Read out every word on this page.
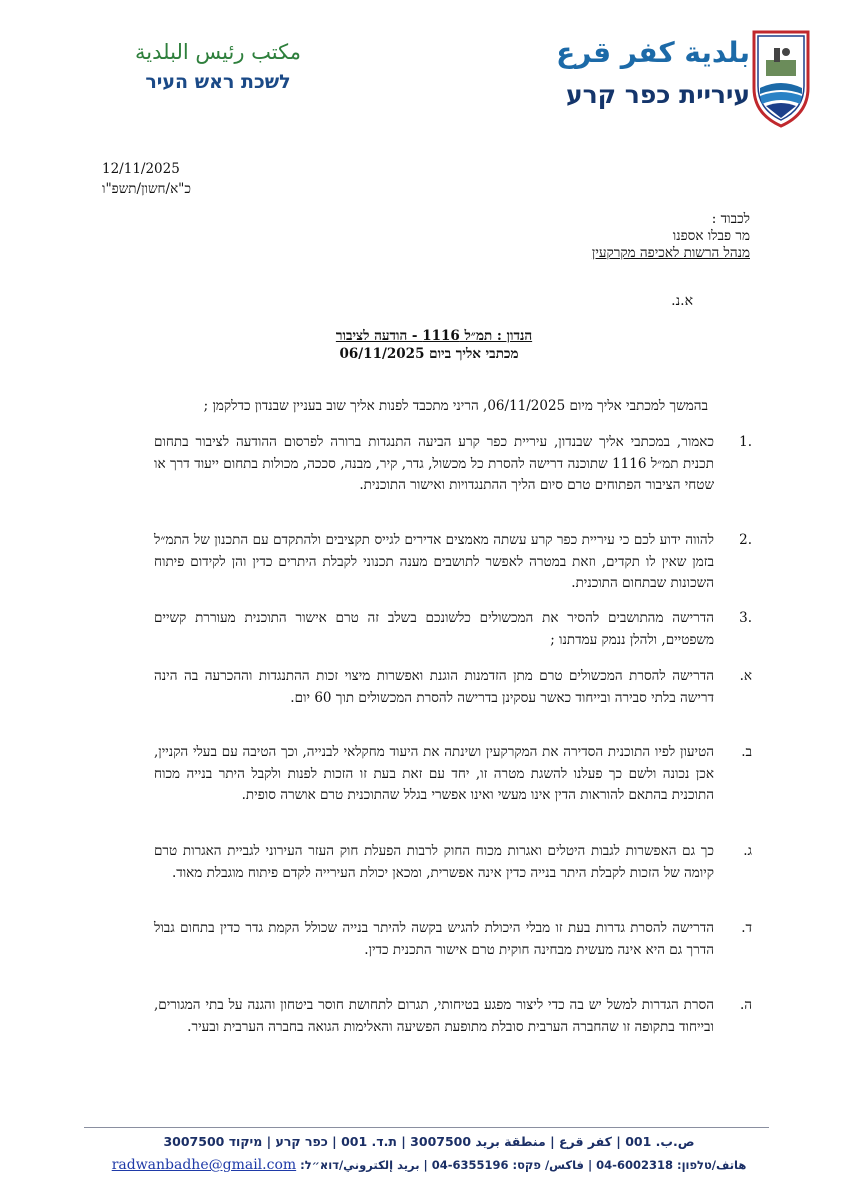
بلدية كفر قرع
עיריית כפר קרע
مكتب رئيس البلدية
לשכת ראש העיר
12/11/2025
כ"א/חשון/תשפ"ו
לכבוד :
מר פבלו אספנו
מנהל הרשות לאכיפה מקרקעין
א.נ.
הנדון : תמ״ל 1116 - הודעה לציבור
מכתבי אליך ביום 06/11/2025
בהמשך למכתבי אליך מיום 06/11/2025, הריני מתכבד לפנות אליך שוב בעניין שבנדון כדלקמן ;
.1
כאמור, במכתבי אליך שבנדון, עיריית כפר קרע הביעה התנגדות ברורה לפרסום ההודעה לציבור בתחום תכנית תמ״ל 1116 שתוכנה דרישה להסרת כל מכשול, גדר, קיר, מבנה, סככה, מכולות בתחום ייעוד דרך או שטחי הציבור הפתוחים טרם סיום הליך ההתנגדויות ואישור התוכנית.
.2
להווה ידוע לכם כי עיריית כפר קרע עשתה מאמצים אדירים לגייס תקציבים ולהתקדם עם התכנון של התמ״ל בזמן שאין לו תקדים, וזאת במטרה לאפשר לתושבים מענה תכנוני לקבלת היתרים כדין והן לקידום פיתוח השכונות שבתחום התוכנית.
.3
הדרישה מהתושבים להסיר את המכשולים כלשונכם בשלב זה טרם אישור התוכנית מעוררת קשיים משפטיים, ולהלן ננמק עמדתנו ;
א.
הדרישה להסרת המכשולים טרם מתן הזדמנות הוגנת ואפשרות מיצוי זכות ההתנגדות וההכרעה בה הינה דרישה בלתי סבירה ובייחוד כאשר עסקינן בדרישה להסרת המכשולים תוך 60 יום.
ב.
הטיעון לפיו התוכנית הסדירה את המקרקעין ושינתה את היעוד מחקלאי לבנייה, וכך הטיבה עם בעלי הקניין, אכן נכונה ולשם כך פעלנו להשגת מטרה זו, יחד עם זאת בעת זו הזכות לפנות ולקבל היתר בנייה מכוח התוכנית בהתאם להוראות הדין אינו מעשי ואינו אפשרי בגלל שהתוכנית טרם אושרה סופית.
ג.
כך גם האפשרות לגבות היטלים ואגרות מכוח החוק לרבות הפעלת חוק העזר העירוני לגביית האגרות טרם קיומה של הזכות לקבלת היתר בנייה כדין אינה אפשרית, ומכאן יכולת העירייה לקדם פיתוח מוגבלת מאוד.
ד.
הדרישה להסרת גדרות בעת זו מבלי היכולת להגיש בקשה להיתר בנייה שכולל הקמת גדר כדין בתחום גבול הדרך גם היא אינה מעשית מבחינה חוקית טרם אישור התכנית כדין.
ה.
הסרת הגדרות למשל יש בה כדי ליצור מפגע בטיחותי, תגרום לתחושת חוסר ביטחון והגנה על בתי המגורים, ובייחוד בתקופה זו שהחברה הערבית סובלת מתופעת הפשיעה והאלימות הגואה בחברה הערבית ובעיר.
ص.ب. 001 | كفر قرع | منطقة بريد 3007500 | ת.ד. 001 | כפר קרע | מיקוד 3007500
هاتف/טלפון: 04-6002318 | فاكس/ פקס: 04-6355196 | بريد إلكتروني/דוא״ל: radwanbadhe@gmail.com
